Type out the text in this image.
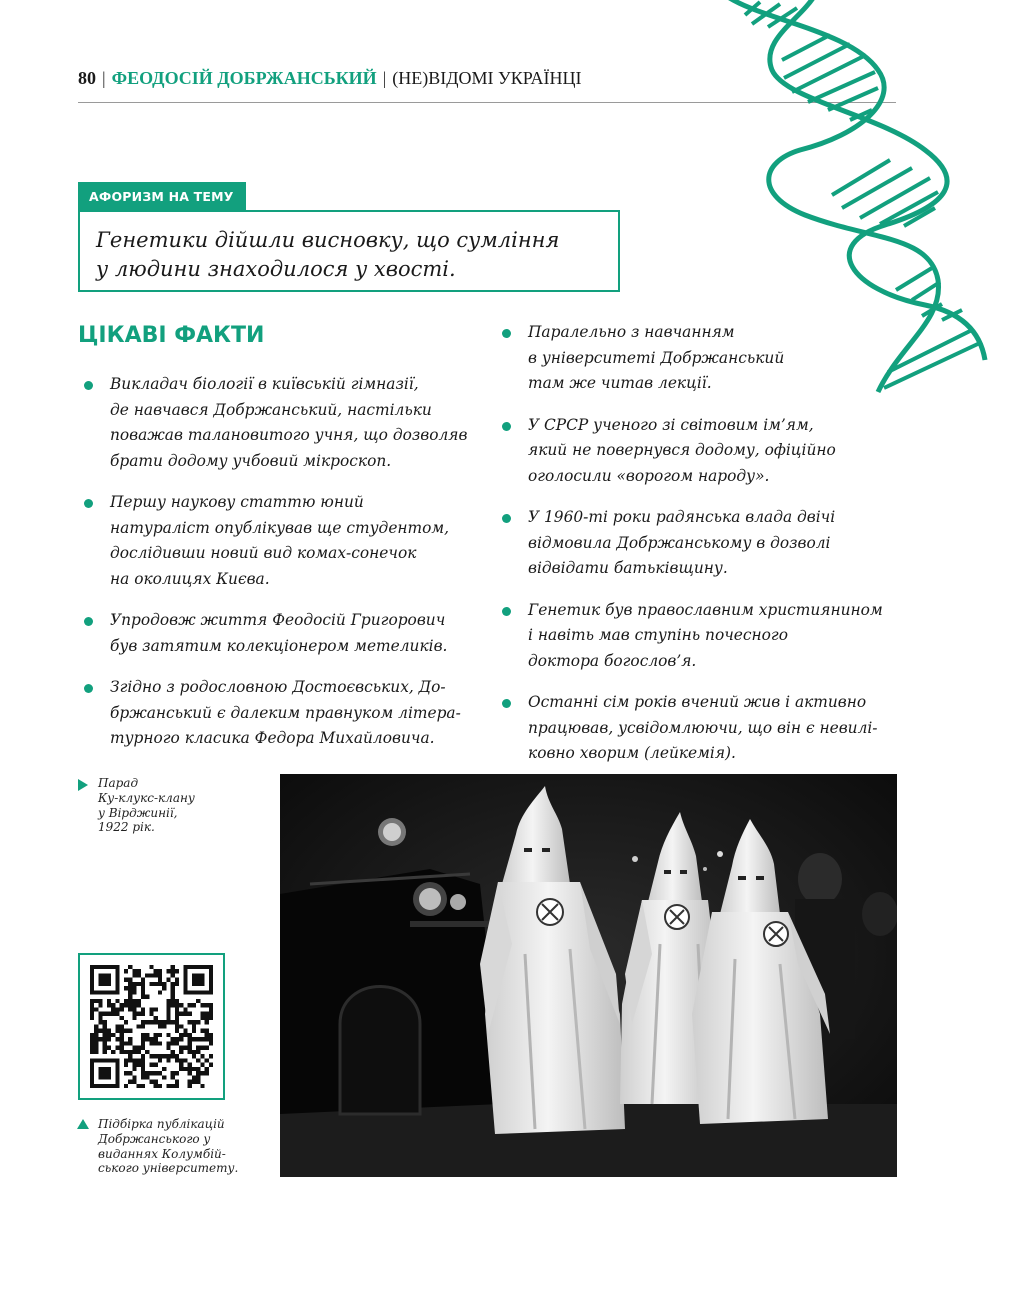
80 | ФЕОДОСІЙ ДОБРЖАНСЬКИЙ | (НЕ)ВІДОМІ УКРАЇНЦІ
АФОРИЗМ НА ТЕМУ
Генетики дійшли висновку, що сумління
у людини знаходилося у хвості.
ЦІКАВІ ФАКТИ
Викладач біології в київській гімназії,
де навчався Добржанський, настільки
поважав талановитого учня, що дозволяв
брати додому учбовий мікроскоп.
Першу наукову статтю юний
натураліст опублікував ще студентом,
дослідивши новий вид комах-сонечок
на околицях Києва.
Упродовж життя Феодосій Григорович
був затятим колекціонером метеликів.
Згідно з родословною Достоєвських, До-
бржанський є далеким правнуком літера-
турного класика Федора Михайловича.
Паралельно з навчанням
в університеті Добржанський
там же читав лекції.
У СРСР ученого зі світовим ім’ям,
який не повернувся додому, офіційно
оголосили «ворогом народу».
У 1960-ті роки радянська влада двічі
відмовила Добржанському в дозволі
відвідати батьківщину.
Генетик був православним християнином
і навіть мав ступінь почесного
доктора богослов’я.
Останні сім років вчений жив і активно
працював, усвідомлюючи, що він є невилі-
ковно хворим (лейкемія).
Парад
Ку-клукс-клану
у Вірджинії,
1922 рік.
Підбірка публікацій
Добржанського у
виданнях Колумбій-
ського університету.
